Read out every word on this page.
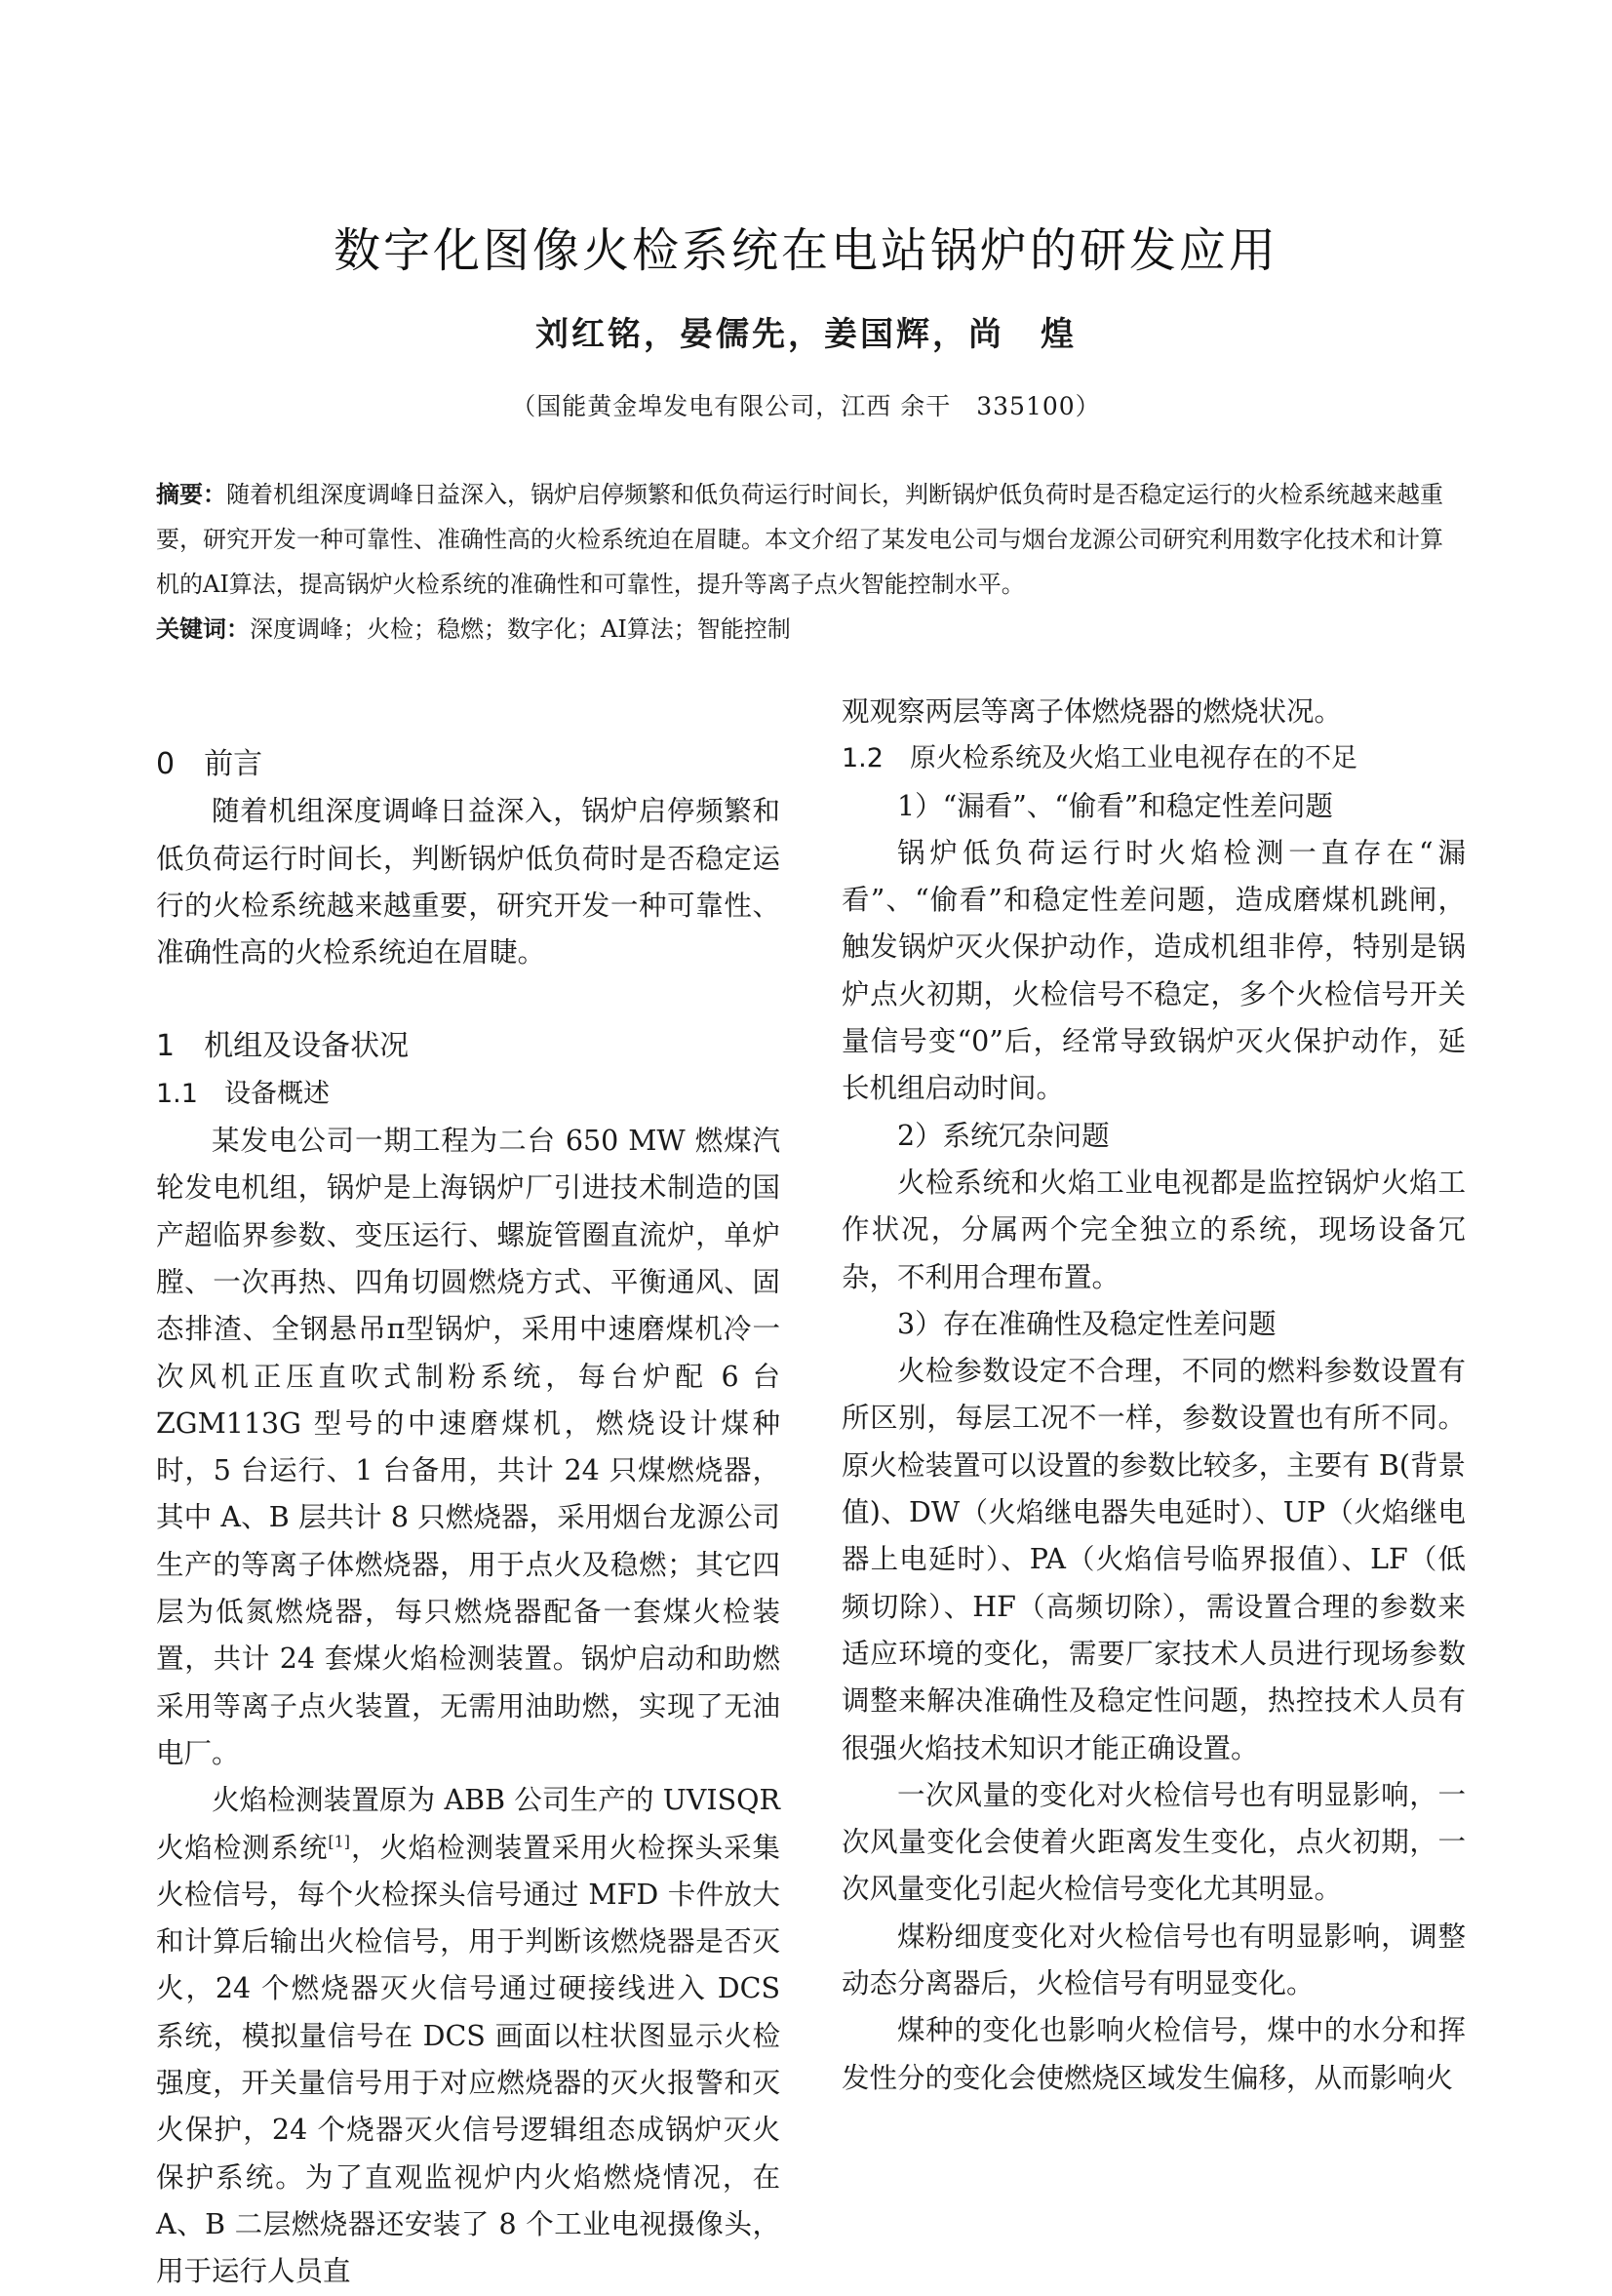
数字化图像火检系统在电站锅炉的研发应用
刘红铭，晏儒先，姜国辉，尚　煌
（国能黄金埠发电有限公司，江西 余干　335100）

摘要：随着机组深度调峰日益深入，锅炉启停频繁和低负荷运行时间长，判断锅炉低负荷时是否稳定运行的火检系统越来越重要，研究开发一种可靠性、准确性高的火检系统迫在眉睫。本文介绍了某发电公司与烟台龙源公司研究利用数字化技术和计算机的AI算法，提高锅炉火检系统的准确性和可靠性，提升等离子点火智能控制水平。

关键词：深度调峰；火检；稳燃；数字化；AI算法；智能控制
0　前言

随着机组深度调峰日益深入，锅炉启停频繁和低负荷运行时间长，判断锅炉低负荷时是否稳定运行的火检系统越来越重要，研究开发一种可靠性、准确性高的火检系统迫在眉睫。

1　机组及设备状况
1.1　设备概述

某发电公司一期工程为二台 650 MW 燃煤汽轮发电机组，锅炉是上海锅炉厂引进技术制造的国产超临界参数、变压运行、螺旋管圈直流炉，单炉膛、一次再热、四角切圆燃烧方式、平衡通风、固态排渣、全钢悬吊π型锅炉，采用中速磨煤机冷一次风机正压直吹式制粉系统，每台炉配 6 台 ZGM113G 型号的中速磨煤机，燃烧设计煤种时，5 台运行、1 台备用，共计 24 只煤燃烧器，其中 A、B 层共计 8 只燃烧器，采用烟台龙源公司生产的等离子体燃烧器，用于点火及稳燃；其它四层为低氮燃烧器，每只燃烧器配备一套煤火检装置，共计 24 套煤火焰检测装置。锅炉启动和助燃采用等离子点火装置，无需用油助燃，实现了无油电厂。

火焰检测装置原为 ABB 公司生产的 UVISQR 火焰检测系统[1]，火焰检测装置采用火检探头采集火检信号，每个火检探头信号通过 MFD 卡件放大和计算后输出火检信号，用于判断该燃烧器是否灭火，24 个燃烧器灭火信号通过硬接线进入 DCS 系统，模拟量信号在 DCS 画面以柱状图显示火检强度，开关量信号用于对应燃烧器的灭火报警和灭火保护，24 个烧器灭火信号逻辑组态成锅炉灭火保护系统。为了直观监视炉内火焰燃烧情况，在 A、B 二层燃烧器还安装了 8 个工业电视摄像头，用于运行人员直

观观察两层等离子体燃烧器的燃烧状况。

1.2　原火检系统及火焰工业电视存在的不足

1）“漏看”、“偷看”和稳定性差问题

锅炉低负荷运行时火焰检测一直存在“漏看”、“偷看”和稳定性差问题，造成磨煤机跳闸，触发锅炉灭火保护动作，造成机组非停，特别是锅炉点火初期，火检信号不稳定，多个火检信号开关量信号变“0”后，经常导致锅炉灭火保护动作，延长机组启动时间。

2）系统冗杂问题

火检系统和火焰工业电视都是监控锅炉火焰工作状况，分属两个完全独立的系统，现场设备冗杂，不利用合理布置。

3）存在准确性及稳定性差问题

火检参数设定不合理，不同的燃料参数设置有所区别，每层工况不一样，参数设置也有所不同。原火检装置可以设置的参数比较多，主要有 B(背景值)、DW（火焰继电器失电延时）、UP（火焰继电器上电延时）、PA（火焰信号临界报值）、LF（低频切除）、HF（高频切除），需设置合理的参数来适应环境的变化，需要厂家技术人员进行现场参数调整来解决准确性及稳定性问题，热控技术人员有很强火焰技术知识才能正确设置。

一次风量的变化对火检信号也有明显影响，一次风量变化会使着火距离发生变化，点火初期，一次风量变化引起火检信号变化尤其明显。

煤粉细度变化对火检信号也有明显影响，调整动态分离器后，火检信号有明显变化。

煤种的变化也影响火检信号，煤中的水分和挥发性分的变化会使燃烧区域发生偏移，从而影响火
